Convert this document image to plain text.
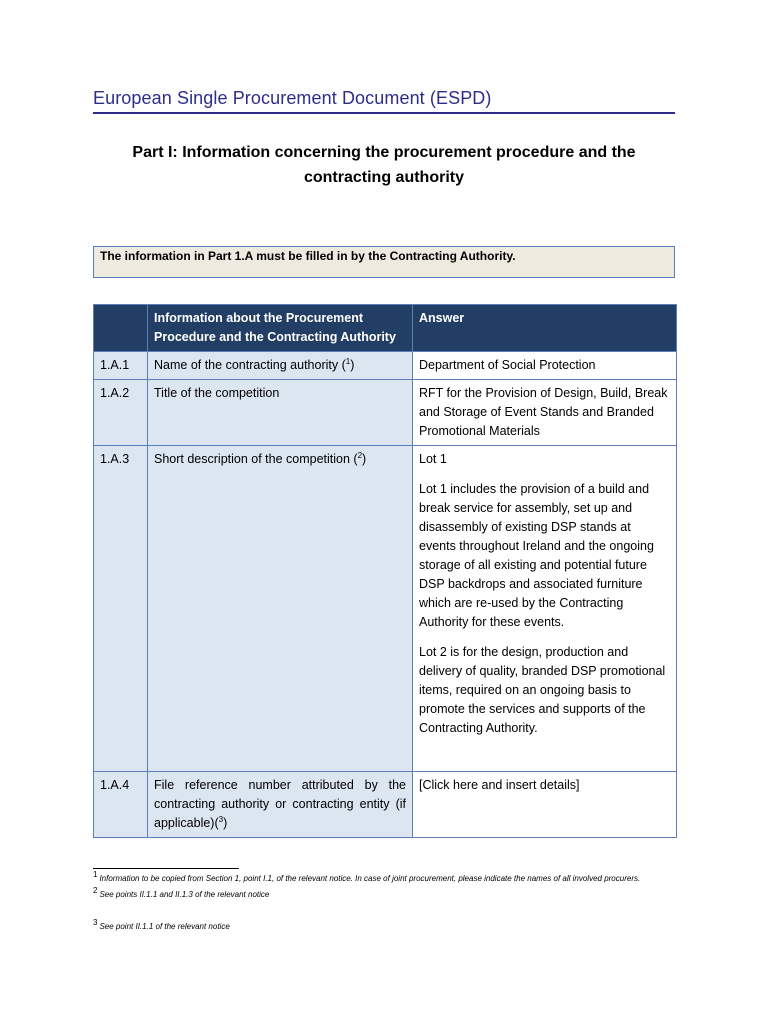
European Single Procurement Document (ESPD)
Part I: Information concerning the procurement procedure and the contracting authority
The information in Part 1.A must be filled in by the Contracting Authority.
	Information about the Procurement Procedure and the Contracting Authority	Answer
1.A.1	Name of the contracting authority ($^1$)	Department of Social Protection
1.A.2	Title of the competition	RFT for the Provision of Design, Build, Break and Storage of Event Stands and Branded Promotional Materials
1.A.3	Short description of the competition ($^2$)	Lot 1

Lot 1 includes the provision of a build and break service for assembly, set up and disassembly of existing DSP stands at events throughout Ireland and the ongoing storage of all existing and potential future DSP backdrops and associated furniture which are re-used by the Contracting Authority for these events.

Lot 2 is for the design, production and delivery of quality, branded DSP promotional items, required on an ongoing basis to promote the services and supports of the Contracting Authority.

1.A.4	File reference number attributed by the contracting authority or contracting entity (if applicable)($^3$)	[Click here and insert details]
1 Information to be copied from Section 1, point I.1, of the relevant notice. In case of joint procurement, please indicate the names of all involved procurers.
2 See points II.1.1 and II.1.3 of the relevant notice
3 See point II.1.1 of the relevant notice
